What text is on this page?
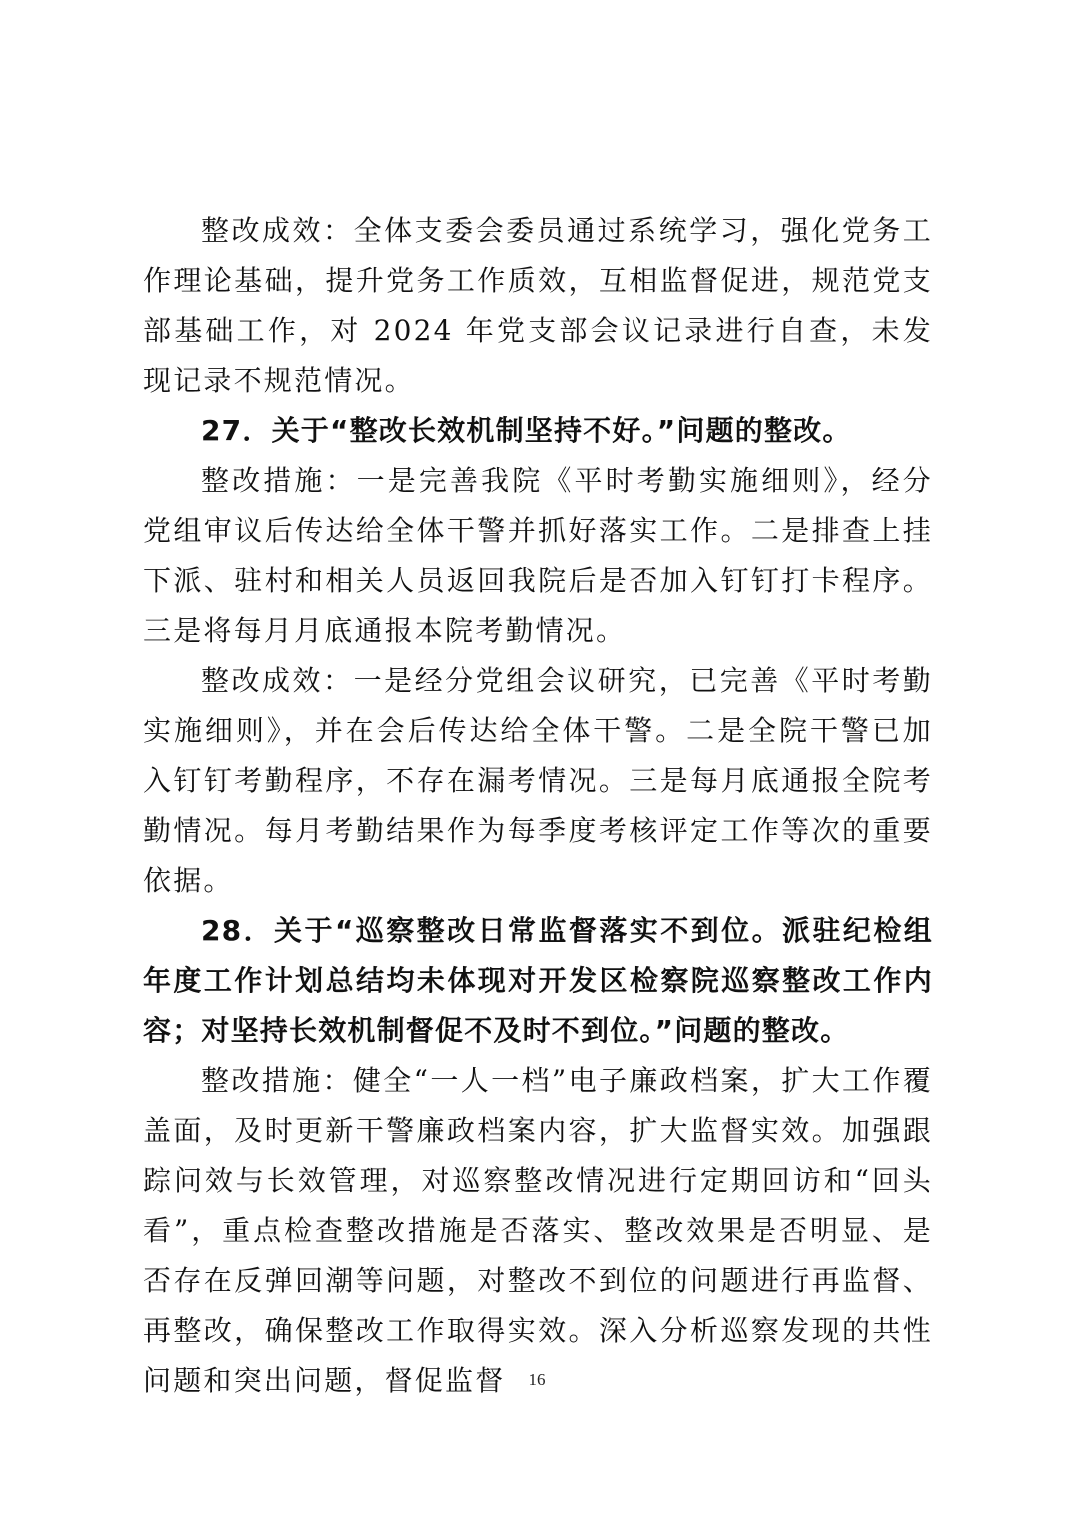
整改成效：全体支委会委员通过系统学习，强化党务工作理论基础，提升党务工作质效，互相监督促进，规范党支部基础工作，对 2024 年党支部会议记录进行自查，未发现记录不规范情况。

27．关于“整改长效机制坚持不好。”问题的整改。

整改措施：一是完善我院《平时考勤实施细则》，经分党组审议后传达给全体干警并抓好落实工作。二是排查上挂下派、驻村和相关人员返回我院后是否加入钉钉打卡程序。三是将每月月底通报本院考勤情况。

整改成效：一是经分党组会议研究，已完善《平时考勤实施细则》，并在会后传达给全体干警。二是全院干警已加入钉钉考勤程序，不存在漏考情况。三是每月底通报全院考勤情况。每月考勤结果作为每季度考核评定工作等次的重要依据。

28．关于“巡察整改日常监督落实不到位。派驻纪检组年度工作计划总结均未体现对开发区检察院巡察整改工作内容；对坚持长效机制督促不及时不到位。”问题的整改。

整改措施：健全“一人一档”电子廉政档案，扩大工作覆盖面，及时更新干警廉政档案内容，扩大监督实效。加强跟踪问效与长效管理，对巡察整改情况进行定期回访和“回头看”，重点检查整改措施是否落实、整改效果是否明显、是否存在反弹回潮等问题，对整改不到位的问题进行再监督、再整改，确保整改工作取得实效。深入分析巡察发现的共性问题和突出问题，督促监督	16
